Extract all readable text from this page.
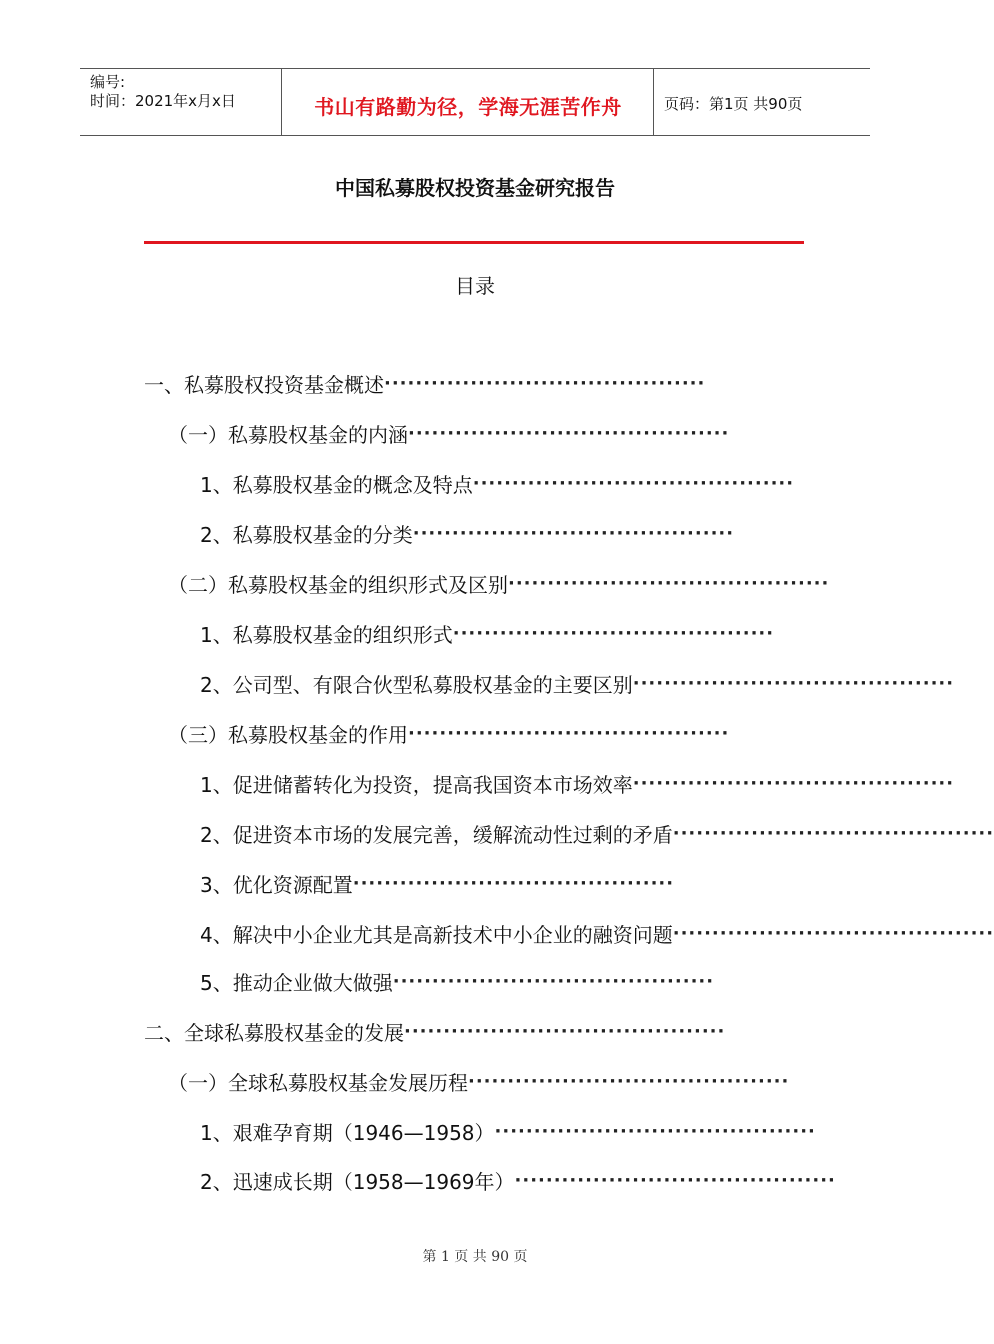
编号:
时间：2021年x月x日	书山有路勤为径，学海无涯苦作舟	页码：第1页 共90页
中国私募股权投资基金研究报告
目录
一、私募股权投资基金概述 ·········································
（一）私募股权基金的内涵 ·········································
1、私募股权基金的概念及特点 ·········································
2、私募股权基金的分类 ·········································
（二）私募股权基金的组织形式及区别 ·········································
1、私募股权基金的组织形式 ·········································
2、公司型、有限合伙型私募股权基金的主要区别 ·········································
（三）私募股权基金的作用 ·········································
1、促进储蓄转化为投资，提高我国资本市场效率 ·········································
2、促进资本市场的发展完善，缓解流动性过剩的矛盾 ·········································
3、优化资源配置 ·········································
4、解决中小企业尤其是高新技术中小企业的融资问题 ·········································
5、推动企业做大做强 ·········································
二、全球私募股权基金的发展 ·········································
（一）全球私募股权基金发展历程 ·········································
1、艰难孕育期（1946—1958） ·········································
2、迅速成长期（1958—1969年） ·········································
第 1 页 共 90 页
